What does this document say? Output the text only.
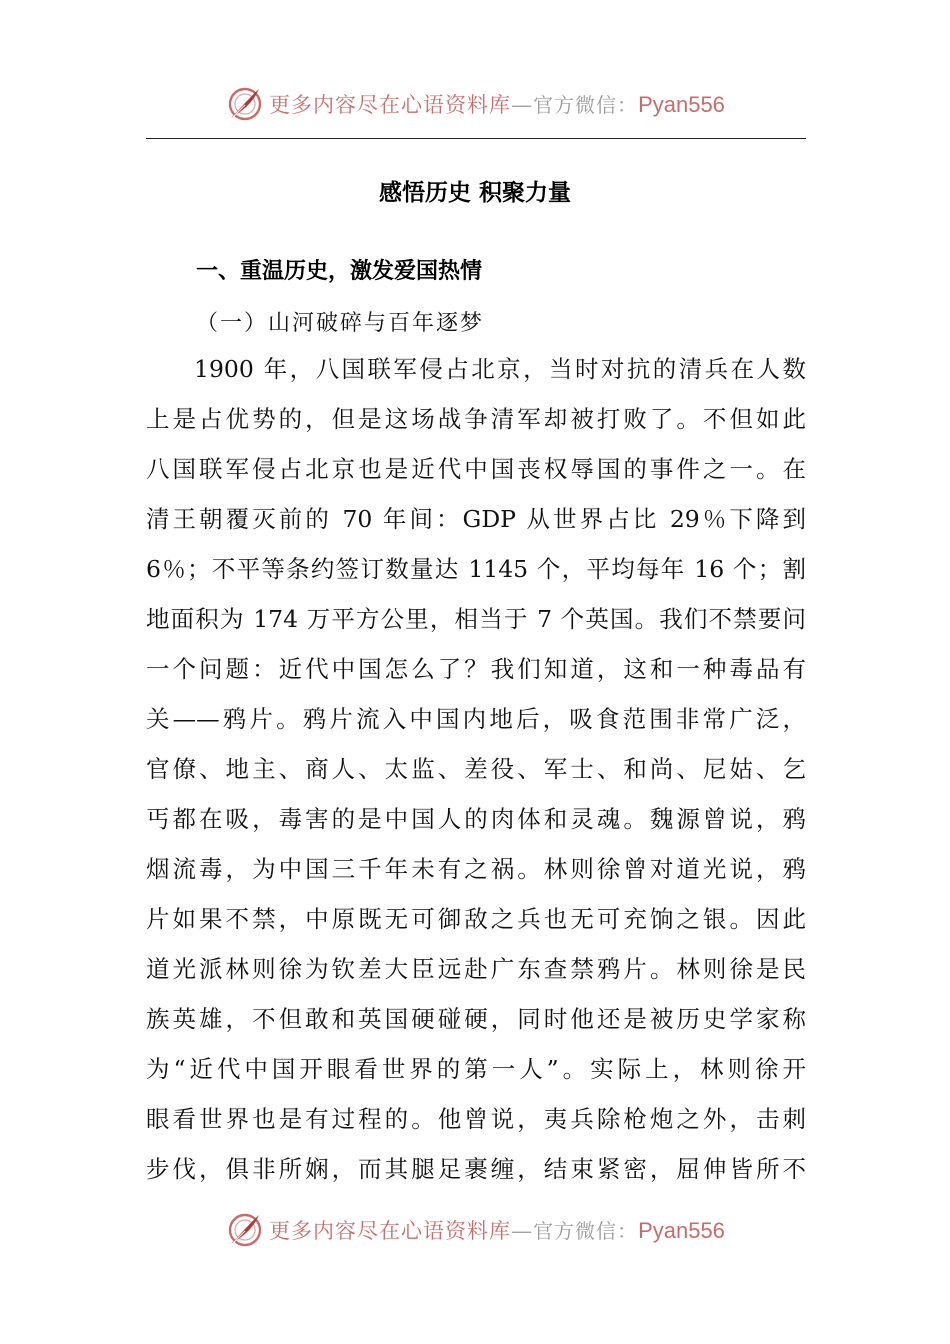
更多内容尽在心语资料库—官方微信：Pyan556
感悟历史 积聚力量
一、重温历史，激发爱国热情
（一）山河破碎与百年逐梦
1900 年，八国联军侵占北京，当时对抗的清兵在人数
上是占优势的，但是这场战争清军却被打败了。不但如此
八国联军侵占北京也是近代中国丧权辱国的事件之一。在
清王朝覆灭前的 70 年间：GDP 从世界占比 29％下降到
6％；不平等条约签订数量达 1145 个，平均每年 16 个；割
地面积为 174 万平方公里，相当于 7 个英国。我们不禁要问
一个问题：近代中国怎么了？我们知道，这和一种毒品有
关——鸦片。鸦片流入中国内地后，吸食范围非常广泛，
官僚、地主、商人、太监、差役、军士、和尚、尼姑、乞
丐都在吸，毒害的是中国人的肉体和灵魂。魏源曾说，鸦
烟流毒，为中国三千年未有之祸。林则徐曾对道光说，鸦
片如果不禁，中原既无可御敌之兵也无可充饷之银。因此
道光派林则徐为钦差大臣远赴广东查禁鸦片。林则徐是民
族英雄，不但敢和英国硬碰硬，同时他还是被历史学家称
为“近代中国开眼看世界的第一人”。实际上，林则徐开
眼看世界也是有过程的。他曾说，夷兵除枪炮之外，击刺
步伐，俱非所娴，而其腿足裹缠，结束紧密，屈伸皆所不
更多内容尽在心语资料库—官方微信：Pyan556
